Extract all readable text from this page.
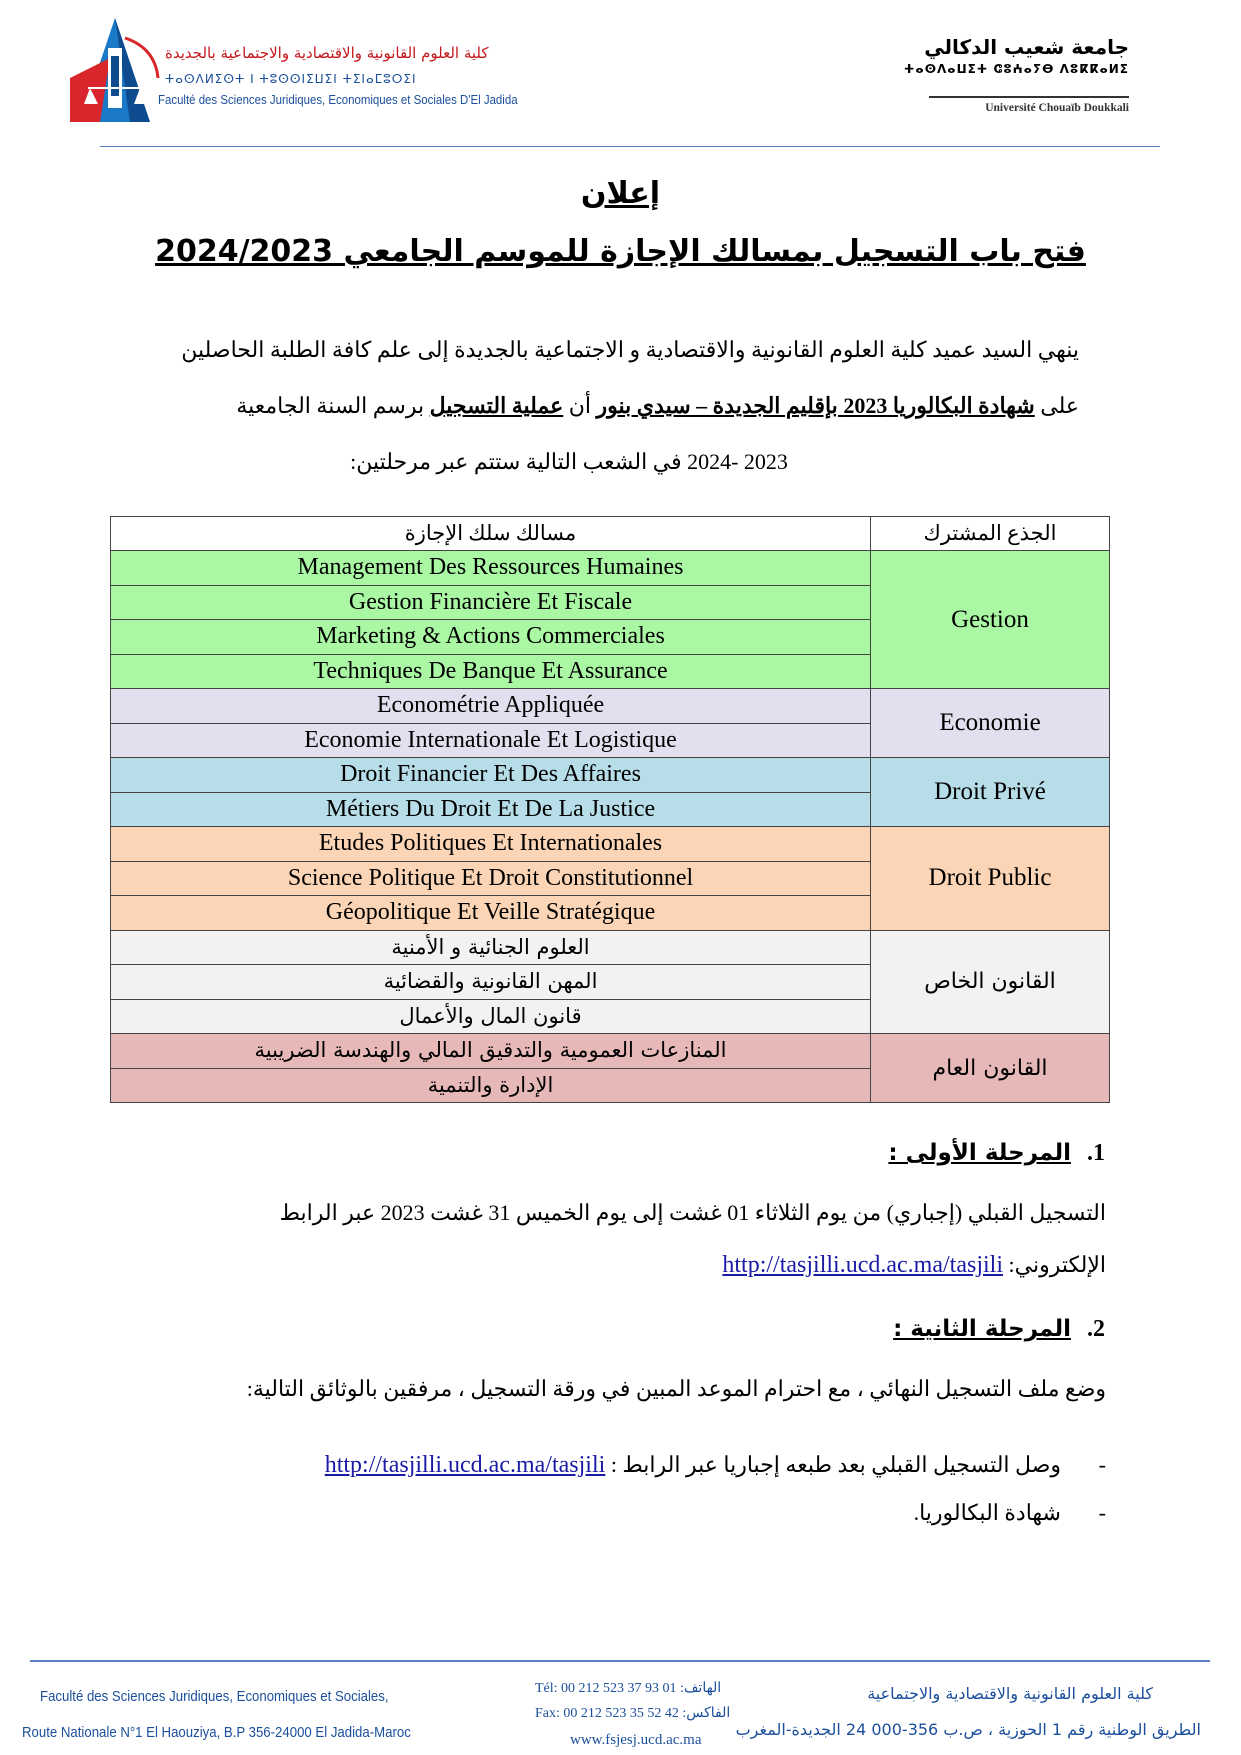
كلية العلوم القانونية والاقتصادية والاجتماعية بالجديدة
ⵜⴰⵙⴷⵍⵉⵙⵜ ⵏ ⵜⵓⵙⵙⵏⵉⵡⵉⵏ ⵜⵉⵏⴰⵎⵓⵔⵉⵏ
Faculté des Sciences Juridiques, Economiques et Sociales D'El Jadida
جامعة شعيب الدكالي
ⵜⴰⵙⴷⴰⵡⵉⵜ ⵛⵓⵄⴰⵢⴱ ⴷⵓⴽⴽⴰⵍⵉ
Université Chouaïb Doukkali
إعلان
فتح باب التسجيل بمسالك الإجازة للموسم الجامعي 2024/2023
ينهي السيد عميد كلية العلوم القانونية والاقتصادية و الاجتماعية بالجديدة إلى علم كافة الطلبة الحاصلين
على شهادة البكالوريا 2023 بإقليم الجديدة – سيدي بنور أن عملية التسجيل برسم السنة الجامعية
2023 -2024 في الشعب التالية ستتم عبر مرحلتين:
مسالك سلك الإجازة	الجذع المشترك
Management Des Ressources Humaines	Gestion
Gestion Financière Et Fiscale	
Marketing & Actions Commerciales	
Techniques De Banque Et Assurance	
Econométrie Appliquée	Economie
Economie Internationale Et Logistique	
Droit Financier Et Des Affaires	Droit Privé
Métiers Du Droit Et De La Justice	
Etudes Politiques Et Internationales	Droit Public
Science Politique Et Droit Constitutionnel	
Géopolitique Et Veille Stratégique	
العلوم الجنائية و الأمنية	القانون الخاص
المهن القانونية والقضائية	
قانون المال والأعمال	
المنازعات العمومية والتدقيق المالي والهندسة الضريبية	القانون العام
الإدارة والتنمية	
1.  المرحلة الأولى :
التسجيل القبلي (إجباري) من يوم الثلاثاء 01 غشت إلى يوم الخميس 31 غشت 2023 عبر الرابط
الإلكتروني: http://tasjilli.ucd.ac.ma/tasjili
2.  المرحلة الثانية :
وضع ملف التسجيل النهائي ، مع احترام الموعد المبين في ورقة التسجيل ، مرفقين بالوثائق التالية:
وصل التسجيل القبلي بعد طبعه إجباريا عبر الرابط : http://tasjilli.ucd.ac.ma/tasjili	-
شهادة البكالوريا. -
Faculté des Sciences Juridiques, Economiques et Sociales,
Route Nationale N°1 El Haouziya, B.P 356-24000 El Jadida-Maroc
Tél: 00 212 523 37 93 01 :الهاتف
Fax: 00 212 523 35 52 42 :الفاكس
www.fsjesj.ucd.ac.ma
كلية العلوم القانونية والاقتصادية والاجتماعية
الطريق الوطنية رقم 1 الحوزية ، ص.ب 356-000 24 الجديدة-المغرب
